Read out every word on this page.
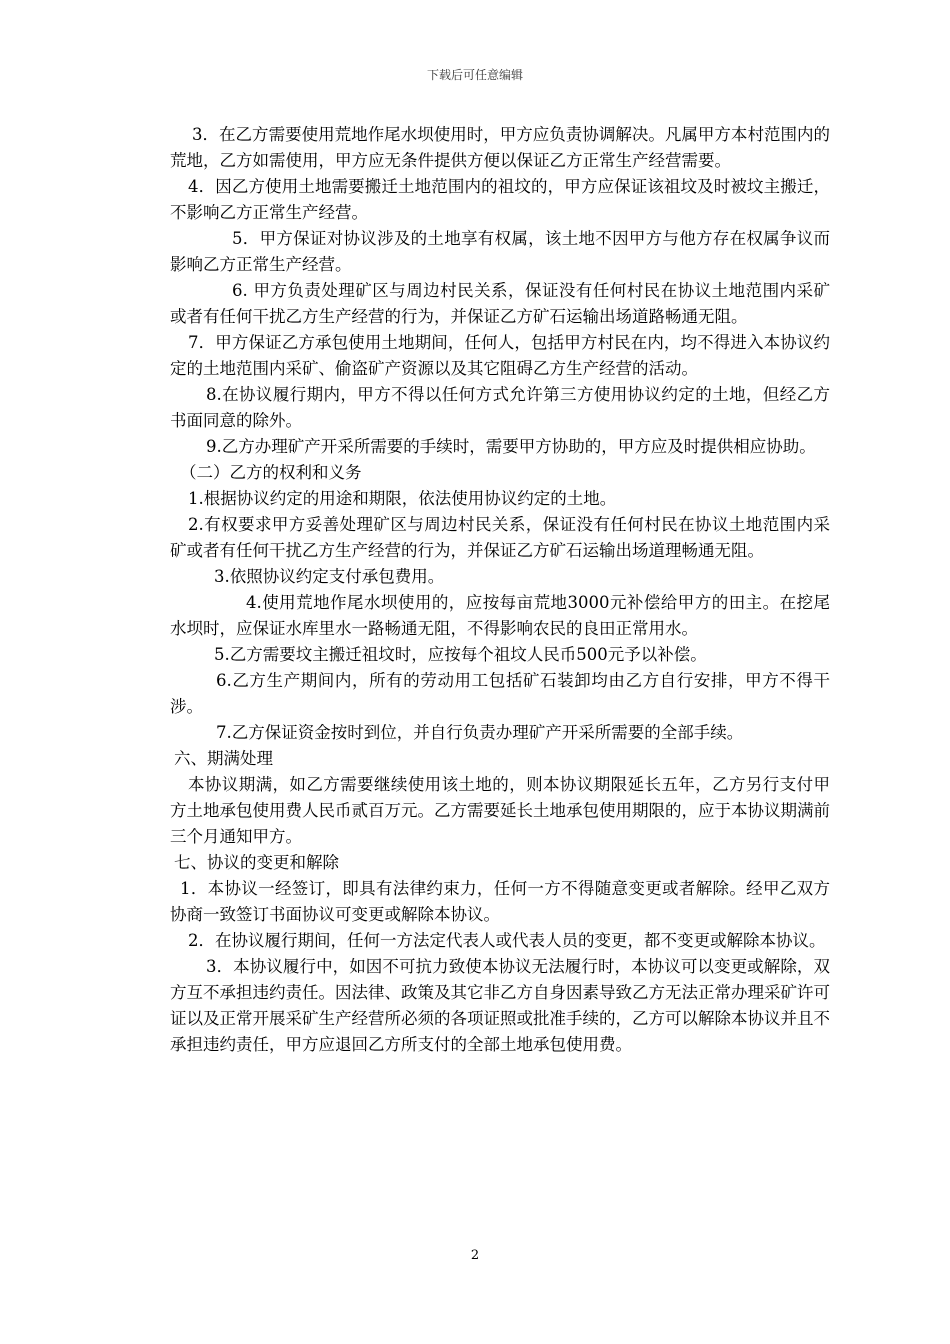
下载后可任意编辑

3．在乙方需要使用荒地作尾水坝使用时，甲方应负责协调解决。凡属甲方本村范围内的荒地，乙方如需使用，甲方应无条件提供方便以保证乙方正常生产经营需要。

4．因乙方使用土地需要搬迁土地范围内的祖坟的，甲方应保证该祖坟及时被坟主搬迁，不影响乙方正常生产经营。

5．甲方保证对协议涉及的土地享有权属，该土地不因甲方与他方存在权属争议而影响乙方正常生产经营。

6. 甲方负责处理矿区与周边村民关系，保证没有任何村民在协议土地范围内采矿或者有任何干扰乙方生产经营的行为，并保证乙方矿石运输出场道路畅通无阻。

7．甲方保证乙方承包使用土地期间，任何人，包括甲方村民在内，均不得进入本协议约定的土地范围内采矿、偷盗矿产资源以及其它阻碍乙方生产经营的活动。

8.在协议履行期内，甲方不得以任何方式允许第三方使用协议约定的土地，但经乙方书面同意的除外。

9.乙方办理矿产开采所需要的手续时，需要甲方协助的，甲方应及时提供相应协助。

（二）乙方的权利和义务

1.根据协议约定的用途和期限，依法使用协议约定的土地。

2.有权要求甲方妥善处理矿区与周边村民关系，保证没有任何村民在协议土地范围内采矿或者有任何干扰乙方生产经营的行为，并保证乙方矿石运输出场道理畅通无阻。

3.依照协议约定支付承包费用。

4.使用荒地作尾水坝使用的，应按每亩荒地3000元补偿给甲方的田主。在挖尾水坝时，应保证水库里水一路畅通无阻，不得影响农民的良田正常用水。

5.乙方需要坟主搬迁祖坟时，应按每个祖坟人民币500元予以补偿。

6.乙方生产期间内，所有的劳动用工包括矿石装卸均由乙方自行安排，甲方不得干涉。

7.乙方保证资金按时到位，并自行负责办理矿产开采所需要的全部手续。

六、期满处理

本协议期满，如乙方需要继续使用该土地的，则本协议期限延长五年，乙方另行支付甲方土地承包使用费人民币贰百万元。乙方需要延长土地承包使用期限的，应于本协议期满前三个月通知甲方。

七、协议的变更和解除

1．本协议一经签订，即具有法律约束力，任何一方不得随意变更或者解除。经甲乙双方协商一致签订书面协议可变更或解除本协议。

2．在协议履行期间，任何一方法定代表人或代表人员的变更，都不变更或解除本协议。

3．本协议履行中，如因不可抗力致使本协议无法履行时，本协议可以变更或解除，双方互不承担违约责任。因法律、政策及其它非乙方自身因素导致乙方无法正常办理采矿许可证以及正常开展采矿生产经营所必须的各项证照或批准手续的，乙方可以解除本协议并且不承担违约责任，甲方应退回乙方所支付的全部土地承包使用费。

2
